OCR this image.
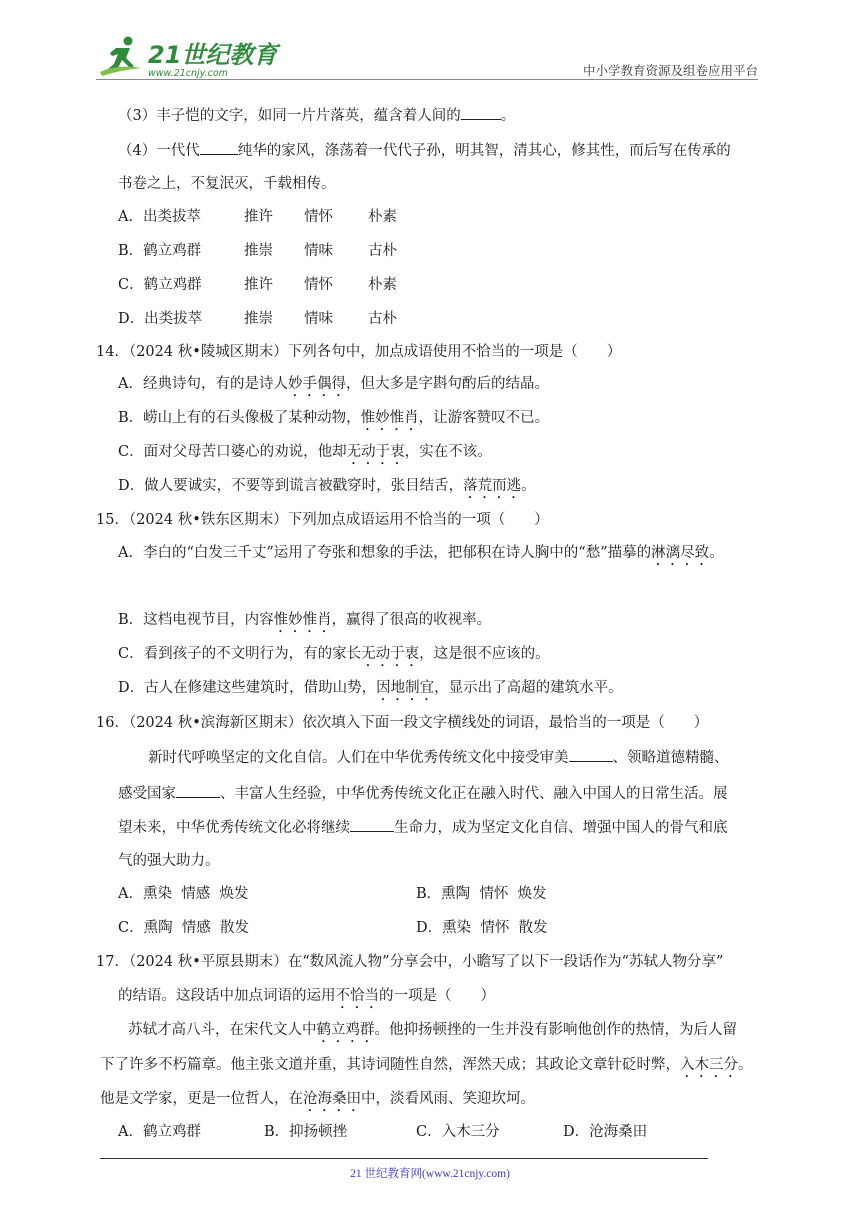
21世纪教育
www.21cnjy.com	中小学教育资源及组卷应用平台
（3）丰子恺的文字，如同一片片落英，蕴含着人间的	。
（4）一代代	纯华的家风，涤荡着一代代子孙，明其智，清其心，修其性，而后写在传承的
书卷之上，不复泯灭，千载相传。
A．出类拔萃	推许 情怀 朴素
B．鹤立鸡群	推崇 情味 古朴
C．鹤立鸡群	推许 情怀 朴素
D．出类拔萃	推崇 情味 古朴
14．（2024 秋•陵城区期末）下列各句中，加点成语使用不恰当的一项是（　　）
A．经典诗句，有的是诗人妙手偶得，但大多是字斟句酌后的结晶。
B．崂山上有的石头像极了某种动物，惟妙惟肖，让游客赞叹不已。
C．面对父母苦口婆心的劝说，他却无动于衷，实在不该。
D．做人要诚实，不要等到谎言被戳穿时，张目结舌，落荒而逃。
15．（2024 秋•铁东区期末）下列加点成语运用不恰当的一项（　　）
A．李白的“白发三千丈”运用了夸张和想象的手法，把郁积在诗人胸中的“愁”描摹的淋漓尽致。
B．这档电视节目，内容惟妙惟肖，赢得了很高的收视率。
C．看到孩子的不文明行为，有的家长无动于衷，这是很不应该的。
D．古人在修建这些建筑时，借助山势，因地制宜，显示出了高超的建筑水平。
16．（2024 秋•滨海新区期末）依次填入下面一段文字横线处的词语，最恰当的一项是（　　）
新时代呼唤坚定的文化自信。人们在中华优秀传统文化中接受审美	、领略道德精髓、
感受国家	、丰富人生经验，中华优秀传统文化正在融入时代、融入中国人的日常生活。展
望未来，中华优秀传统文化必将继续	生命力，成为坚定文化自信、增强中国人的骨气和底
气的强大助力。
A．熏染  情感  焕发	B．熏陶  情怀  焕发
C．熏陶  情感  散发	D．熏染  情怀  散发
17．（2024 秋•平原县期末）在“数风流人物”分享会中，小瞻写了以下一段话作为“苏轼人物分享”
的结语。这段话中加点词语的运用不恰当的一项是（　　）
苏轼才高八斗，在宋代文人中鹤立鸡群。他抑扬顿挫的一生并没有影响他创作的热情，为后人留
下了许多不朽篇章。他主张文道并重，其诗词随性自然，浑然天成；其政论文章针砭时弊，入木三分。
他是文学家，更是一位哲人，在沧海桑田中，淡看风雨、笑迎坎坷。
A．鹤立鸡群	B．抑扬顿挫	C．入木三分	D．沧海桑田
21 世纪教育网(www.21cnjy.com)
